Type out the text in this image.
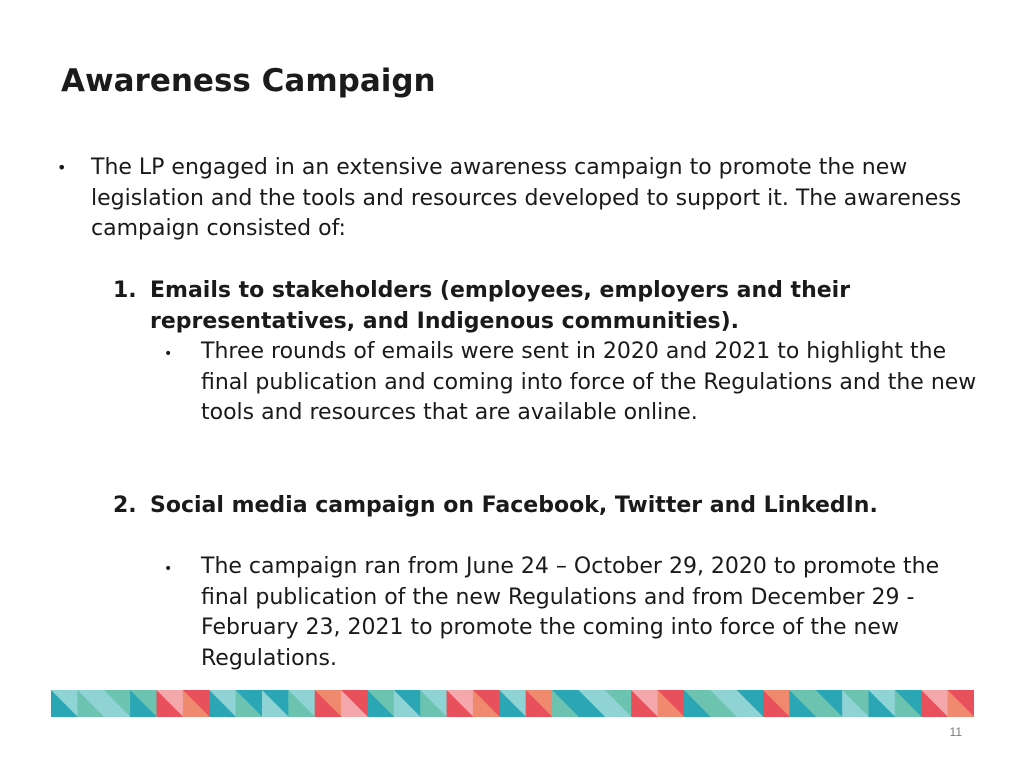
Awareness Campaign
• The LP engaged in an extensive awareness campaign to promote the new legislation and the tools and resources developed to support it. The awareness campaign consisted of:
1. Emails to stakeholders (employees, employers and their representatives, and Indigenous communities).
• Three rounds of emails were sent in 2020 and 2021 to highlight the final publication and coming into force of the Regulations and the new tools and resources that are available online.
2. Social media campaign on Facebook, Twitter and LinkedIn.
• The campaign ran from June 24 – October 29, 2020 to promote the final publication of the new Regulations and from December 29 - February 23, 2021 to promote the coming into force of the new Regulations.
11
